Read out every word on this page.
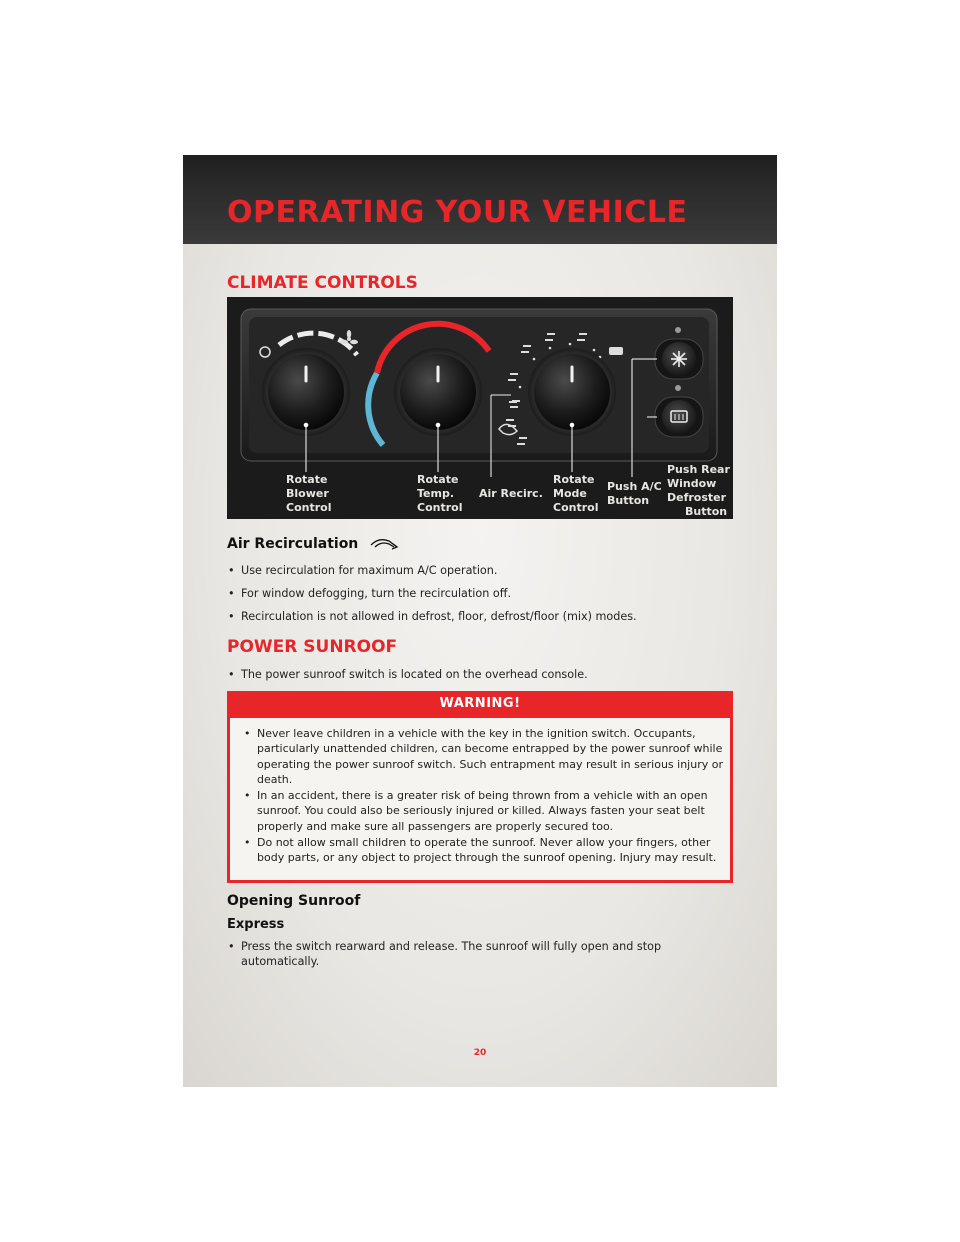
OPERATING YOUR VEHICLE
CLIMATE CONTROLS
Rotate
Blower
Control
Rotate
Temp.
Control
Air Recirc.
Rotate
Mode
Control
Push A/C
Button
Push Rear
Window
Defroster
Button
Air Recirculation
• Use recirculation for maximum A/C operation.
• For window defogging, turn the recirculation off.
• Recirculation is not allowed in defrost, floor, defrost/floor (mix) modes.
POWER SUNROOF
• The power sunroof switch is located on the overhead console.
WARNING!
• Never leave children in a vehicle with the key in the ignition switch. Occupants, particularly unattended children, can become entrapped by the power sunroof while operating the power sunroof switch. Such entrapment may result in serious injury or death.
• In an accident, there is a greater risk of being thrown from a vehicle with an open sunroof. You could also be seriously injured or killed. Always fasten your seat belt properly and make sure all passengers are properly secured too.
• Do not allow small children to operate the sunroof. Never allow your fingers, other body parts, or any object to project through the sunroof opening. Injury may result.
Opening Sunroof
Express
• Press the switch rearward and release. The sunroof will fully open and stop automatically.
20
